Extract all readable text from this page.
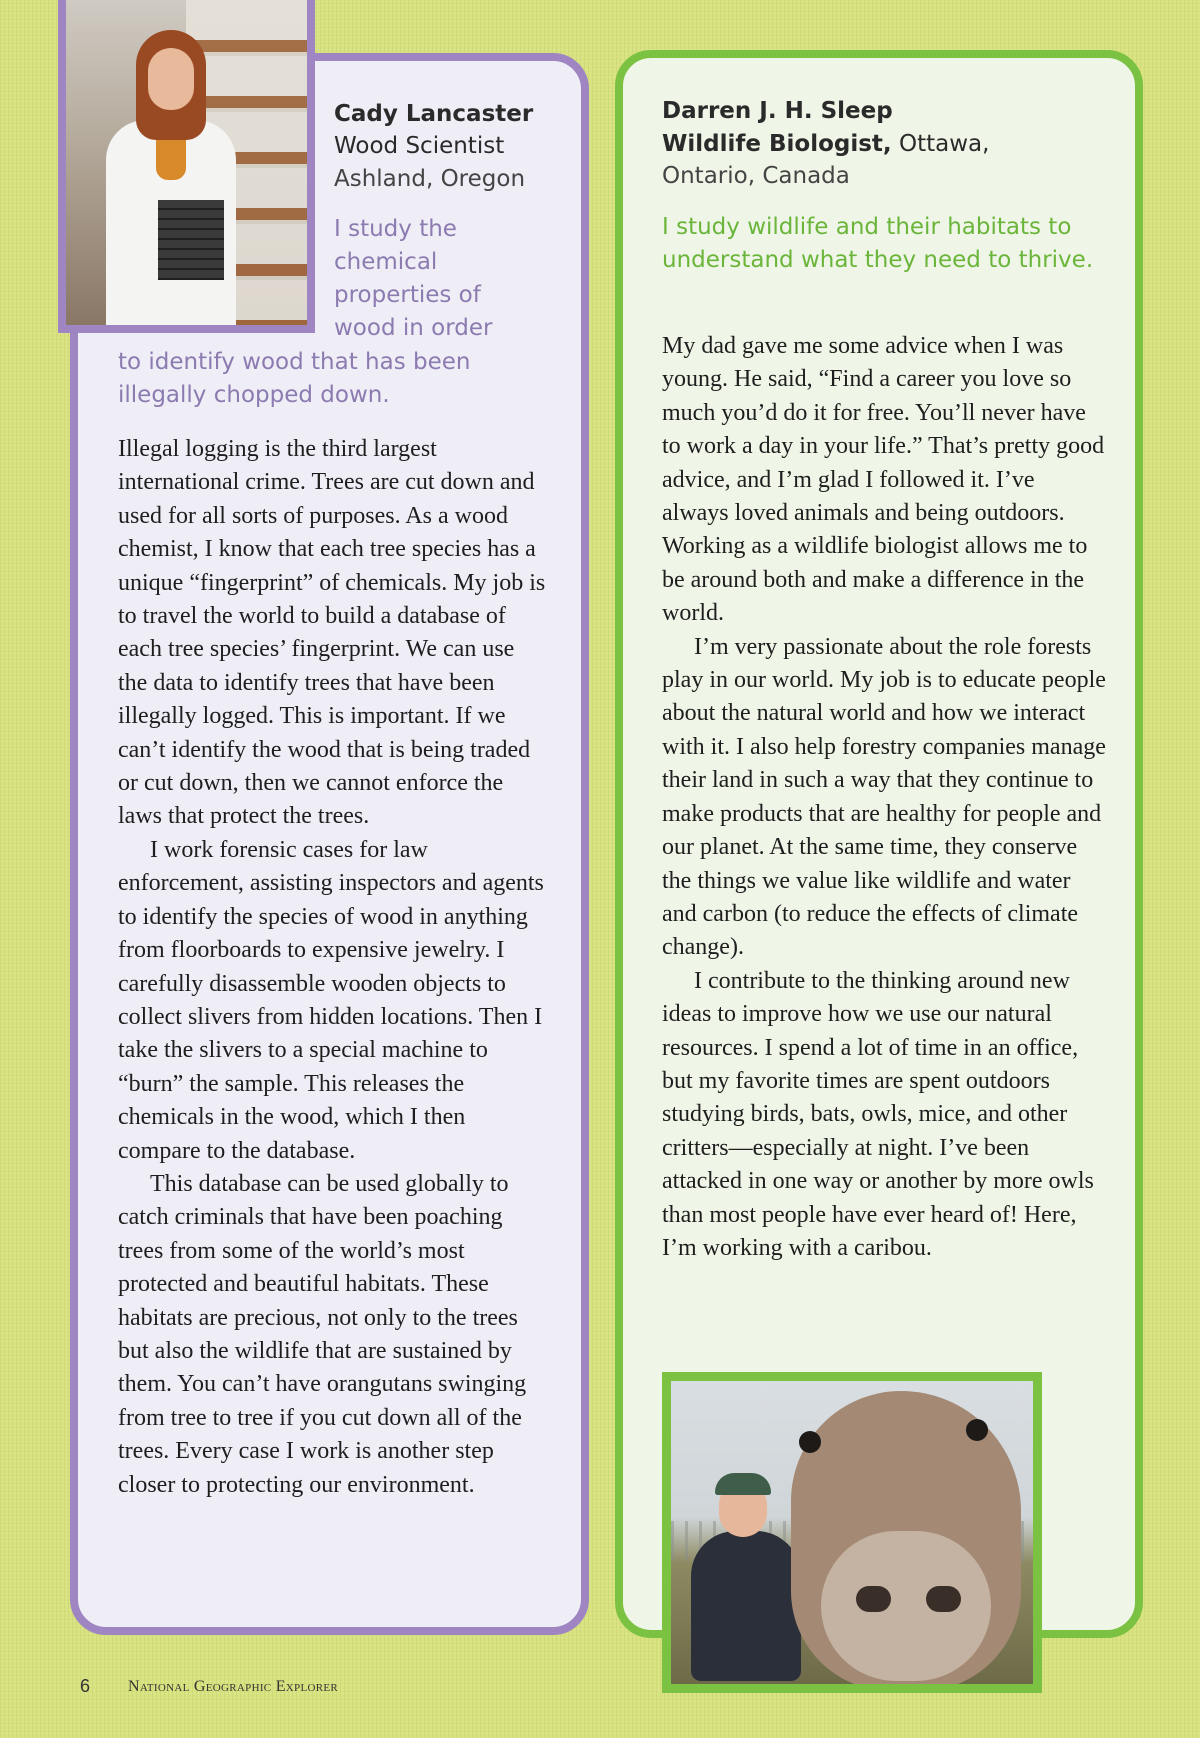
Cady Lancaster
Wood Scientist
Ashland, Oregon
I study the
chemical
properties of
wood in order
to identify wood that has been
illegally chopped down.

Illegal logging is the third largest international crime. Trees are cut down and used for all sorts of purposes. As a wood chemist, I know that each tree species has a unique “fingerprint” of chemicals. My job is to travel the world to build a database of each tree species’ fingerprint. We can use the data to identify trees that have been illegally logged. This is important. If we can’t identify the wood that is being traded or cut down, then we cannot enforce the laws that protect the trees.

I work forensic cases for law enforcement, assisting inspectors and agents to identify the species of wood in anything from floorboards to expensive jewelry. I carefully disassemble wooden objects to collect slivers from hidden locations. Then I take the slivers to a special machine to “burn” the sample. This releases the chemicals in the wood, which I then compare to the database.

This database can be used globally to catch criminals that have been poaching trees from some of the world’s most protected and beautiful habitats. These habitats are precious, not only to the trees but also the wildlife that are sustained by them. You can’t have orangutans swinging from tree to tree if you cut down all of the trees. Every case I work is another step closer to protecting our environment.

Darren J. H. Sleep
Wildlife Biologist, Ottawa,
Ontario, Canada
I study wildlife and their habitats to understand what they need to thrive.

My dad gave me some advice when I was young. He said, “Find a career you love so much you’d do it for free. You’ll never have to work a day in your life.” That’s pretty good advice, and I’m glad I followed it. I’ve always loved animals and being outdoors. Working as a wildlife biologist allows me to be around both and make a difference in the world.

I’m very passionate about the role forests play in our world. My job is to educate people about the natural world and how we interact with it. I also help forestry companies manage their land in such a way that they continue to make products that are healthy for people and our planet. At the same time, they conserve the things we value like wildlife and water and carbon (to reduce the effects of climate change).

I contribute to the thinking around new ideas to improve how we use our natural resources. I spend a lot of time in an office, but my favorite times are spent outdoors studying birds, bats, owls, mice, and other critters—especially at night. I’ve been attacked in one way or another by more owls than most people have ever heard of! Here, I’m working with a caribou.

6 National Geographic Explorer
